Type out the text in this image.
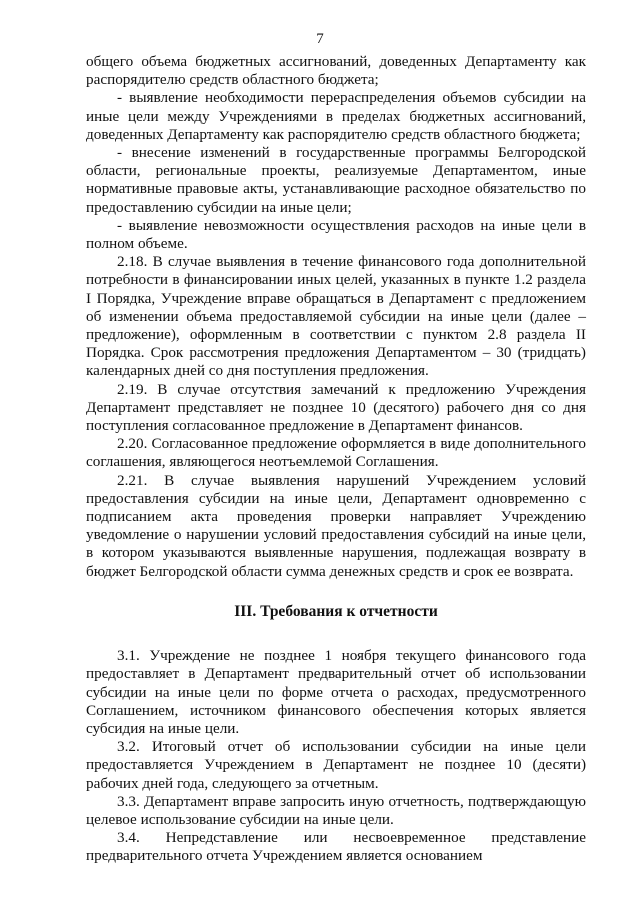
7

общего объема бюджетных ассигнований, доведенных Департаменту как распорядителю средств областного бюджета;

- выявление необходимости перераспределения объемов субсидии на иные цели между Учреждениями в пределах бюджетных ассигнований, доведенных Департаменту как распорядителю средств областного бюджета;

- внесение изменений в государственные программы Белгородской области, региональные проекты, реализуемые Департаментом, иные нормативные правовые акты, устанавливающие расходное обязательство по предоставлению субсидии на иные цели;

- выявление невозможности осуществления расходов на иные цели в полном объеме.

2.18. В случае выявления в течение финансового года дополнительной потребности в финансировании иных целей, указанных в пункте 1.2 раздела I Порядка, Учреждение вправе обращаться в Департамент с предложением об изменении объема предоставляемой субсидии на иные цели (далее – предложение), оформленным в соответствии с пунктом 2.8 раздела II Порядка. Срок рассмотрения предложения Департаментом – 30 (тридцать) календарных дней со дня поступления предложения.

2.19. В случае отсутствия замечаний к предложению Учреждения Департамент представляет не позднее 10 (десятого) рабочего дня со дня поступления согласованное предложение в Департамент финансов.

2.20. Согласованное предложение оформляется в виде дополнительного соглашения, являющегося неотъемлемой Соглашения.

2.21. В случае выявления нарушений Учреждением условий предоставления субсидии на иные цели, Департамент одновременно с подписанием акта проведения проверки направляет Учреждению уведомление о нарушении условий предоставления субсидий на иные цели, в котором указываются выявленные нарушения, подлежащая возврату в бюджет Белгородской области сумма денежных средств и срок ее возврата.

III. Требования к отчетности

3.1. Учреждение не позднее 1 ноября текущего финансового года предоставляет в Департамент предварительный отчет об использовании субсидии на иные цели по форме отчета о расходах, предусмотренного Соглашением, источником финансового обеспечения которых является субсидия на иные цели.

3.2. Итоговый отчет об использовании субсидии на иные цели предоставляется Учреждением в Департамент не позднее 10 (десяти) рабочих дней года, следующего за отчетным.

3.3. Департамент вправе запросить иную отчетность, подтверждающую целевое использование субсидии на иные цели.

3.4. Непредставление или несвоевременное представление предварительного отчета Учреждением является основанием
